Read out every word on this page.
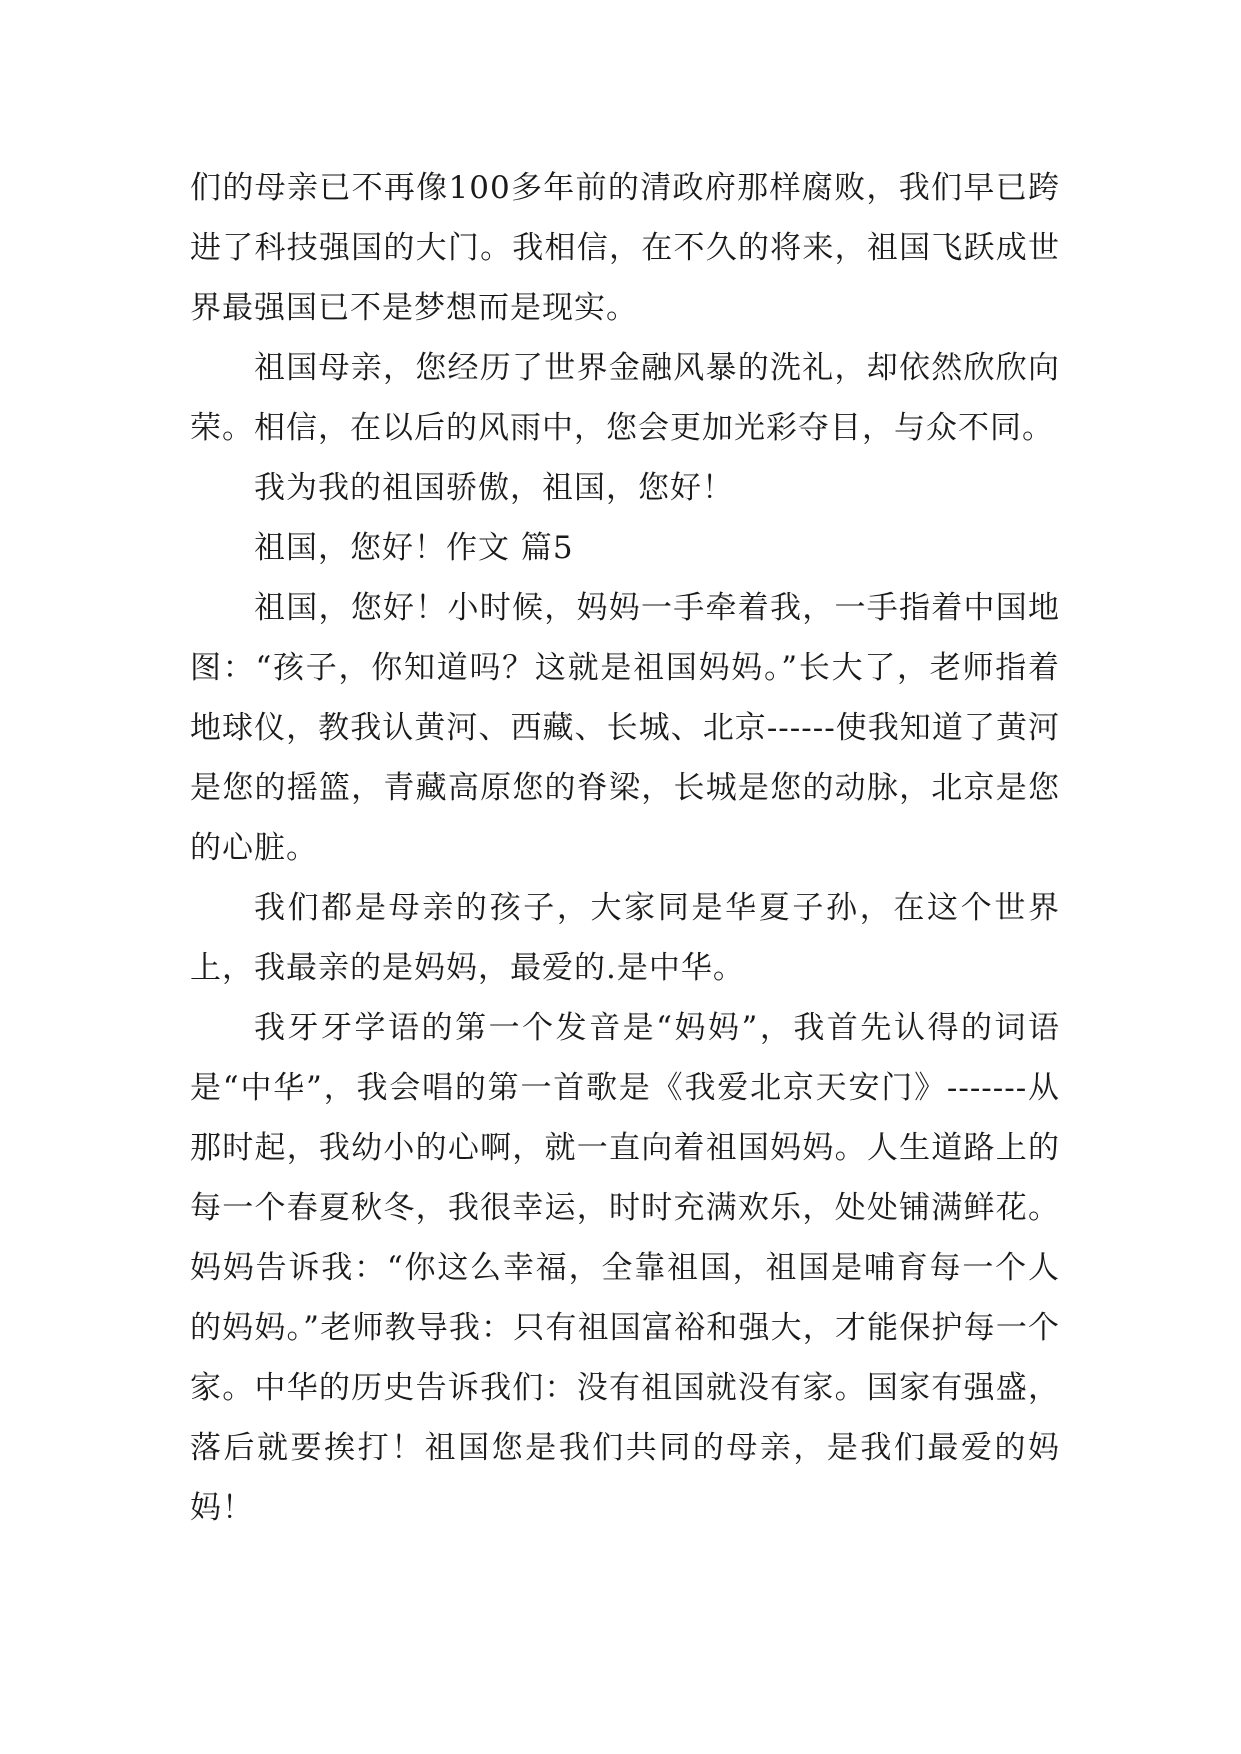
们的母亲已不再像100多年前的清政府那样腐败，我们早已跨进了科技强国的大门。我相信，在不久的将来，祖国飞跃成世界最强国已不是梦想而是现实。

祖国母亲，您经历了世界金融风暴的洗礼，却依然欣欣向荣。相信，在以后的风雨中，您会更加光彩夺目，与众不同。

我为我的祖国骄傲，祖国，您好！

祖国，您好！作文 篇5

祖国，您好！小时候，妈妈一手牵着我，一手指着中国地图：“孩子，你知道吗？这就是祖国妈妈。”长大了，老师指着地球仪，教我认黄河、西藏、长城、北京------使我知道了黄河是您的摇篮，青藏高原您的脊梁，长城是您的动脉，北京是您的心脏。

我们都是母亲的孩子，大家同是华夏子孙，在这个世界上，我最亲的是妈妈，最爱的.是中华。

我牙牙学语的第一个发音是“妈妈”，我首先认得的词语是“中华”，我会唱的第一首歌是《我爱北京天安门》-------从那时起，我幼小的心啊，就一直向着祖国妈妈。人生道路上的每一个春夏秋冬，我很幸运，时时充满欢乐，处处铺满鲜花。妈妈告诉我：“你这么幸福，全靠祖国，祖国是哺育每一个人的妈妈。”老师教导我：只有祖国富裕和强大，才能保护每一个家。中华的历史告诉我们：没有祖国就没有家。国家有强盛，落后就要挨打！祖国您是我们共同的母亲，是我们最爱的妈妈！
